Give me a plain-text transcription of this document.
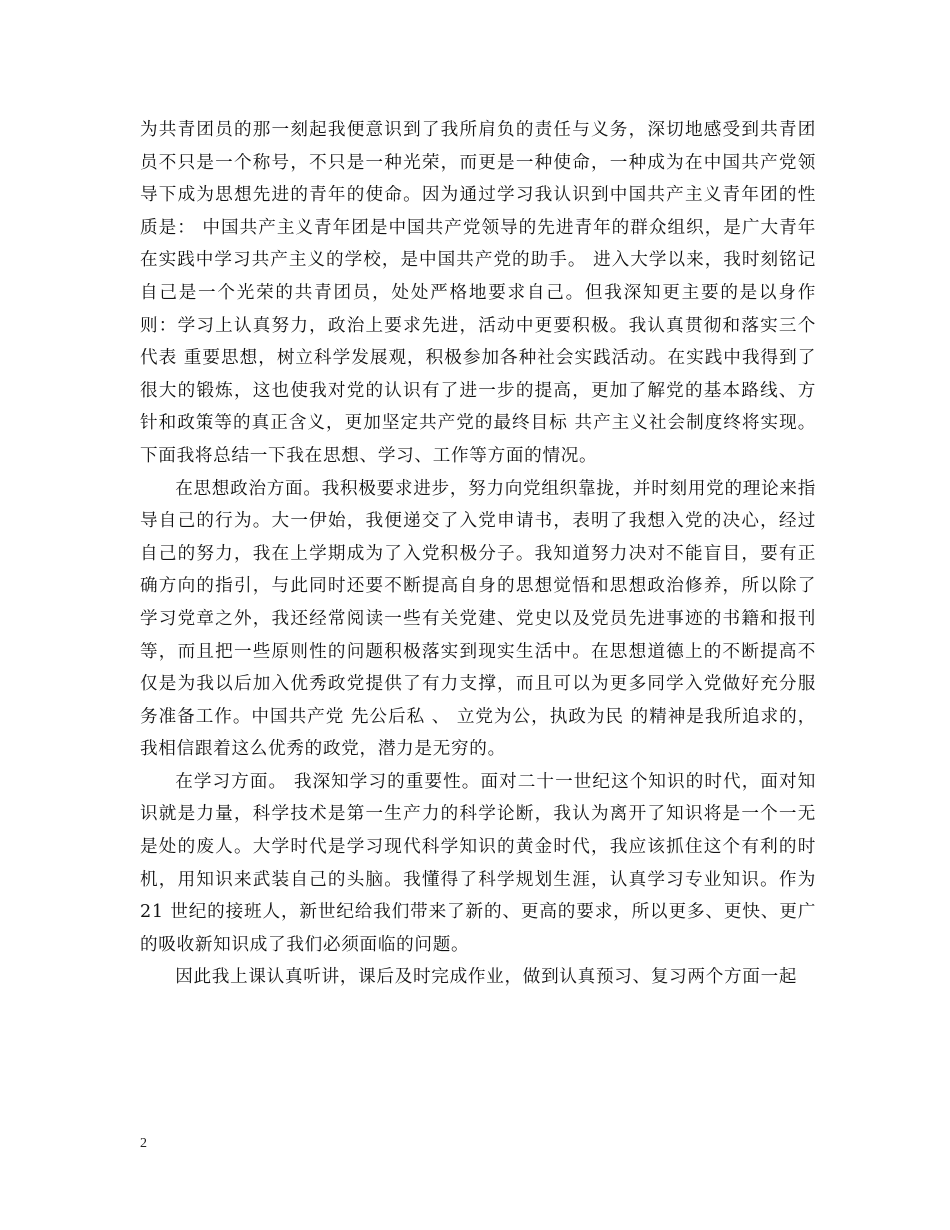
为共青团员的那一刻起我便意识到了我所肩负的责任与义务，深切地感受到共青团员不只是一个称号，不只是一种光荣，而更是一种使命，一种成为在中国共产党领导下成为思想先进的青年的使命。因为通过学习我认识到中国共产主义青年团的性质是： 中国共产主义青年团是中国共产党领导的先进青年的群众组织，是广大青年在实践中学习共产主义的学校，是中国共产党的助手。 进入大学以来，我时刻铭记自己是一个光荣的共青团员，处处严格地要求自己。但我深知更主要的是以身作则：学习上认真努力，政治上要求先进，活动中更要积极。我认真贯彻和落实三个代表 重要思想，树立科学发展观，积极参加各种社会实践活动。在实践中我得到了很大的锻炼，这也使我对党的认识有了进一步的提高，更加了解党的基本路线、方针和政策等的真正含义，更加坚定共产党的最终目标 共产主义社会制度终将实现。下面我将总结一下我在思想、学习、工作等方面的情况。

在思想政治方面。我积极要求进步，努力向党组织靠拢，并时刻用党的理论来指导自己的行为。大一伊始，我便递交了入党申请书，表明了我想入党的决心，经过自己的努力，我在上学期成为了入党积极分子。我知道努力决对不能盲目，要有正确方向的指引，与此同时还要不断提高自身的思想觉悟和思想政治修养，所以除了学习党章之外，我还经常阅读一些有关党建、党史以及党员先进事迹的书籍和报刊等，而且把一些原则性的问题积极落实到现实生活中。在思想道德上的不断提高不仅是为我以后加入优秀政党提供了有力支撑，而且可以为更多同学入党做好充分服务准备工作。中国共产党 先公后私 、 立党为公，执政为民 的精神是我所追求的，我相信跟着这么优秀的政党，潜力是无穷的。

在学习方面。 我深知学习的重要性。面对二十一世纪这个知识的时代，面对知识就是力量，科学技术是第一生产力的科学论断，我认为离开了知识将是一个一无是处的废人。大学时代是学习现代科学知识的黄金时代，我应该抓住这个有利的时机，用知识来武装自己的头脑。我懂得了科学规划生涯，认真学习专业知识。作为 21 世纪的接班人，新世纪给我们带来了新的、更高的要求，所以更多、更快、更广的吸收新知识成了我们必须面临的问题。

因此我上课认真听讲，课后及时完成作业，做到认真预习、复习两个方面一起

2
